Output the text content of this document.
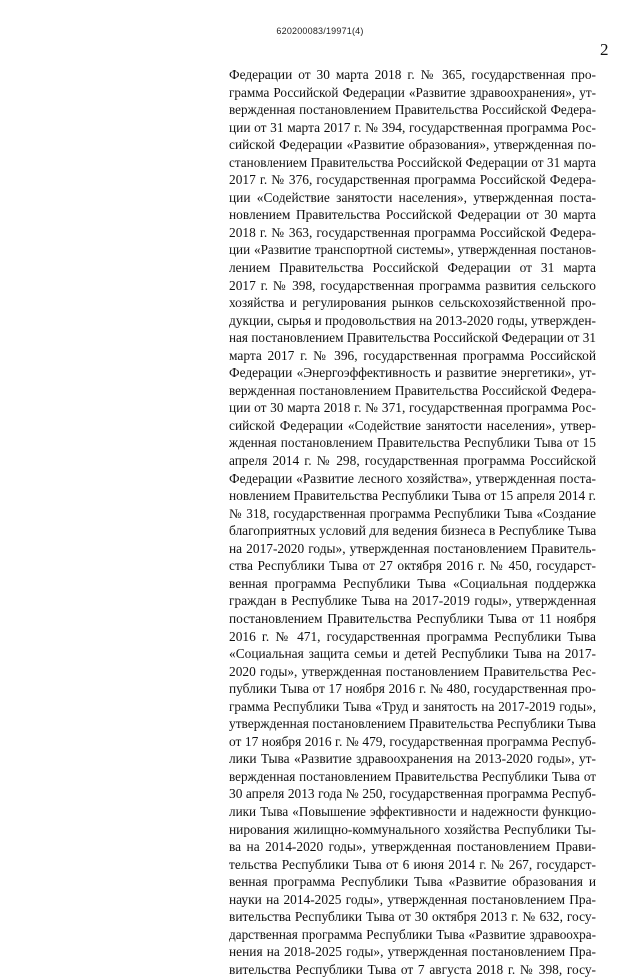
620200083/19971(4)
2
Федерации от 30 марта 2018 г. № 365, государственная про-
грамма Российской Федерации «Развитие здравоохранения», ут-
вержденная постановлением Правительства Российской Федера-
ции от 31 марта 2017 г. № 394, государственная программа Рос-
сийской Федерации «Развитие образования», утвержденная по-
становлением Правительства Российской Федерации от 31 марта
2017 г. № 376, государственная программа Российской Федера-
ции «Содействие занятости населения», утвержденная поста-
новлением Правительства Российской Федерации от 30 марта
2018 г. № 363, государственная программа Российской Федера-
ции «Развитие транспортной системы», утвержденная постанов-
лением Правительства Российской Федерации от 31 марта
2017 г. № 398, государственная программа развития сельского
хозяйства и регулирования рынков сельскохозяйственной про-
дукции, сырья и продовольствия на 2013-2020 годы, утвержден-
ная постановлением Правительства Российской Федерации от 31
марта 2017 г. № 396, государственная программа Российской
Федерации «Энергоэффективность и развитие энергетики», ут-
вержденная постановлением Правительства Российской Федера-
ции от 30 марта 2018 г. № 371, государственная программа Рос-
сийской Федерации «Содействие занятости населения», утвер-
жденная постановлением Правительства Республики Тыва от 15
апреля 2014 г. № 298, государственная программа Российской
Федерации «Развитие лесного хозяйства», утвержденная поста-
новлением Правительства Республики Тыва от 15 апреля 2014 г.
№ 318, государственная программа Республики Тыва «Создание
благоприятных условий для ведения бизнеса в Республике Тыва
на 2017-2020 годы», утвержденная постановлением Правитель-
ства Республики Тыва от 27 октября 2016 г. № 450, государст-
венная программа Республики Тыва «Социальная поддержка
граждан в Республике Тыва на 2017-2019 годы», утвержденная
постановлением Правительства Республики Тыва от 11 ноября
2016 г. № 471, государственная программа Республики Тыва
«Социальная защита семьи и детей Республики Тыва на 2017-
2020 годы», утвержденная постановлением Правительства Рес-
публики Тыва от 17 ноября 2016 г. № 480, государственная про-
грамма Республики Тыва «Труд и занятость на 2017-2019 годы»,
утвержденная постановлением Правительства Республики Тыва
от 17 ноября 2016 г. № 479, государственная программа Респуб-
лики Тыва «Развитие здравоохранения на 2013-2020 годы», ут-
вержденная постановлением Правительства Республики Тыва от
30 апреля 2013 года № 250, государственная программа Респуб-
лики Тыва «Повышение эффективности и надежности функцио-
нирования жилищно-коммунального хозяйства Республики Ты-
ва на 2014-2020 годы», утвержденная постановлением Прави-
тельства Республики Тыва от 6 июня 2014 г. № 267, государст-
венная программа Республики Тыва «Развитие образования и
науки на 2014-2025 годы», утвержденная постановлением Пра-
вительства Республики Тыва от 30 октября 2013 г. № 632, госу-
дарственная программа Республики Тыва «Развитие здравоохра-
нения на 2018-2025 годы», утвержденная постановлением Пра-
вительства Республики Тыва от 7 августа 2018 г. № 398, госу-
